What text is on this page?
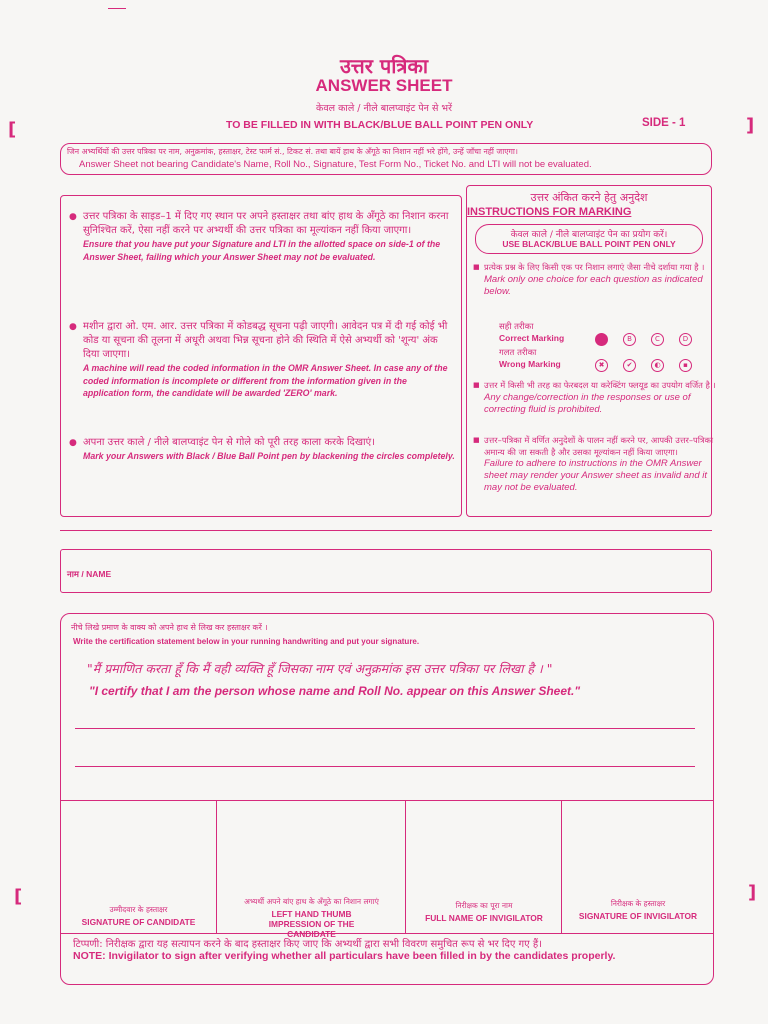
उत्तर पत्रिका
ANSWER SHEET
केवल काले / नीले बालप्वाइंट पेन से भरें
TO BE FILLED IN WITH BLACK/BLUE BALL POINT PEN ONLY	SIDE - 1
[	]
जिन अभ्यर्थियों की उत्तर पत्रिका पर नाम, अनुक्रमांक, हस्ताक्षर, टेस्ट फार्म सं., टिकट सं. तथा बायें हाथ के अँगूठे का निशान नहीं भरे होंगे, उन्हें जाँचा नहीं जाएगा।
Answer Sheet not bearing Candidate's Name, Roll No., Signature, Test Form No., Ticket No. and LTI will not be evaluated.
● उत्तर पत्रिका के साइड–1 में दिए गए स्थान पर अपने हस्ताक्षर तथा बांए हाथ के अँगूठे का निशान करना सुनिश्चित करें, ऐसा नहीं करने पर अभ्यर्थी की उत्तर पत्रिका का मूल्यांकन नहीं किया जाएगा।
Ensure that you have put your Signature and LTI in the allotted space on side-1 of the Answer Sheet, failing which your Answer Sheet may not be evaluated.
● मशीन द्वारा ओ. एम. आर. उत्तर पत्रिका में कोडबद्ध सूचना पढ़ी जाएगी। आवेदन पत्र में दी गई कोई भी कोड या सूचना की तूलना में अधूरी अथवा भिन्न सूचना होने की स्थिति में ऐसे अभ्यर्थी को 'शून्य' अंक दिया जाएगा।
A machine will read the coded information in the OMR Answer Sheet. In case any of the coded information is incomplete or different from the information given in the application form, the candidate will be awarded 'ZERO' mark.
● अपना उत्तर काले / नीले बालप्वाइंट पेन से गोले को पूरी तरह काला करके दिखाएं।
Mark your Answers with Black / Blue Ball Point pen by blackening the circles completely.
उत्तर अंकित करने हेतु अनुदेश
INSTRUCTIONS FOR MARKING
केवल काले / नीले बालप्वाइंट पेन का प्रयोग करें।
USE BLACK/BLUE BALL POINT PEN ONLY
■ प्रत्येक प्रश्न के लिए किसी एक पर निशान लगाएं जैसा नीचे दर्शाया गया है ।
Mark only one choice for each question as indicated below.
सही तरीका
Correct Marking	B	C	D
गलत तरीका
Wrong Marking	✖	✔	◐	▪
■ उत्तर में किसी भी तरह का फेरबदल या करेक्टिंग फ्लयूड का उपयोग वर्जित है ।
Any change/correction in the responses or use of correcting fluid is prohibited.
■ उत्तर–पत्रिका में वर्णित अनुदेशों के पालन नहीं करने पर, आपकी उत्तर–पत्रिका अमान्य की जा सकती है और उसका मूल्यांकन नहीं किया जाएगा।
Failure to adhere to instructions in the OMR Answer sheet may render your Answer sheet as invalid and it may not be evaluated.
नाम / NAME
नीचे लिखे प्रमाण के वाक्य को अपने हाथ से लिख कर हस्ताक्षर करें ।
Write the certification statement below in your running handwriting and put your signature.
"मैं प्रमाणित करता हूँ कि मैं वही व्यक्ति हूँ जिसका नाम एवं अनुक्रमांक इस उत्तर पत्रिका पर लिखा है । "
"I certify that I am the person whose name and Roll No. appear on this Answer Sheet."
उम्मीदवार के हस्ताक्षर
SIGNATURE OF CANDIDATE
अभ्यर्थी अपने बांए हाथ के अँगूठे का निशान लगाएं
LEFT HAND THUMB IMPRESSION OF THE CANDIDATE
निरीक्षक का पूरा नाम
FULL NAME OF INVIGILATOR
निरीक्षक के हस्ताक्षर
SIGNATURE OF INVIGILATOR
टिप्पणी: निरीक्षक द्वारा यह सत्यापन करने के बाद हस्ताक्षर किए जाए कि अभ्यर्थी द्वारा सभी विवरण समुचित रूप से भर दिए गए हैं।
NOTE: Invigilator to sign after verifying whether all particulars have been filled in by the candidates properly.
[	]
